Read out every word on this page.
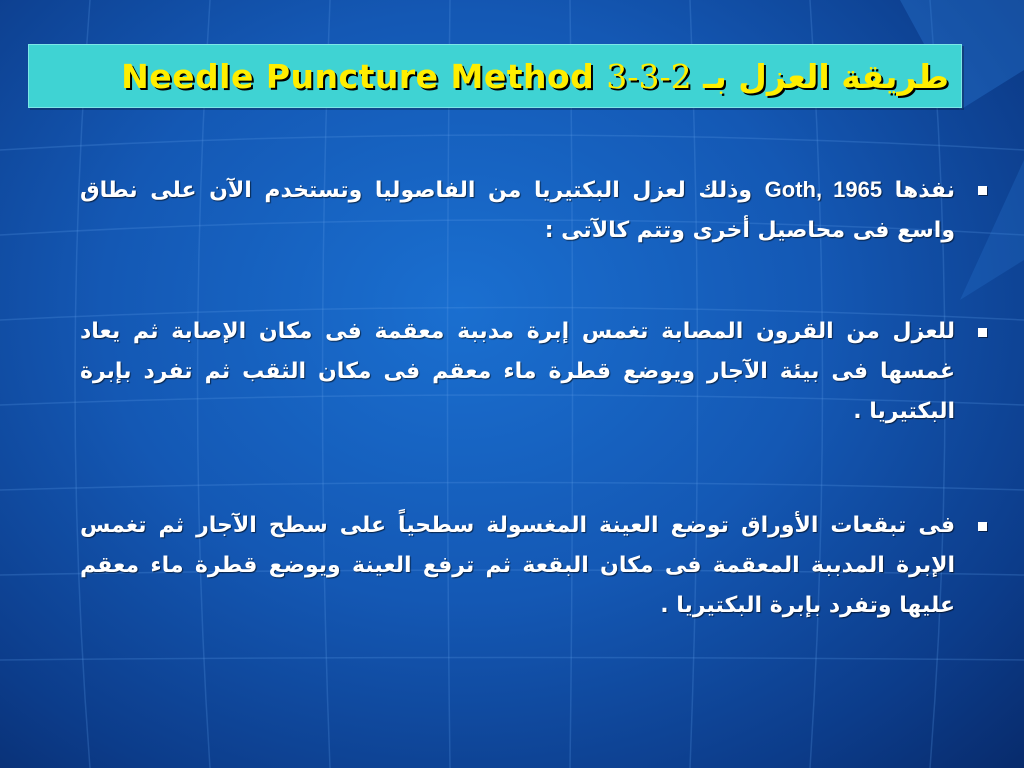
Needle Puncture Method	طريقة العزل بـ 3-3-2
نفذها Goth, 1965 وذلك لعزل البكتيريا من الفاصوليا وتستخدم الآن على نطاق واسع فى محاصيل أخرى وتتم كالآتى :
للعزل من القرون المصابة تغمس إبرة مدببة معقمة فى مكان الإصابة ثم يعاد غمسها فى بيئة الآجار ويوضع قطرة ماء معقم فى مكان الثقب ثم تفرد بإبرة البكتيريا .
فى تبقعات الأوراق توضع العينة المغسولة سطحياً على سطح الآجار ثم تغمس الإبرة المدببة المعقمة فى مكان البقعة ثم ترفع العينة ويوضع قطرة ماء معقم عليها وتفرد بإبرة البكتيريا .
